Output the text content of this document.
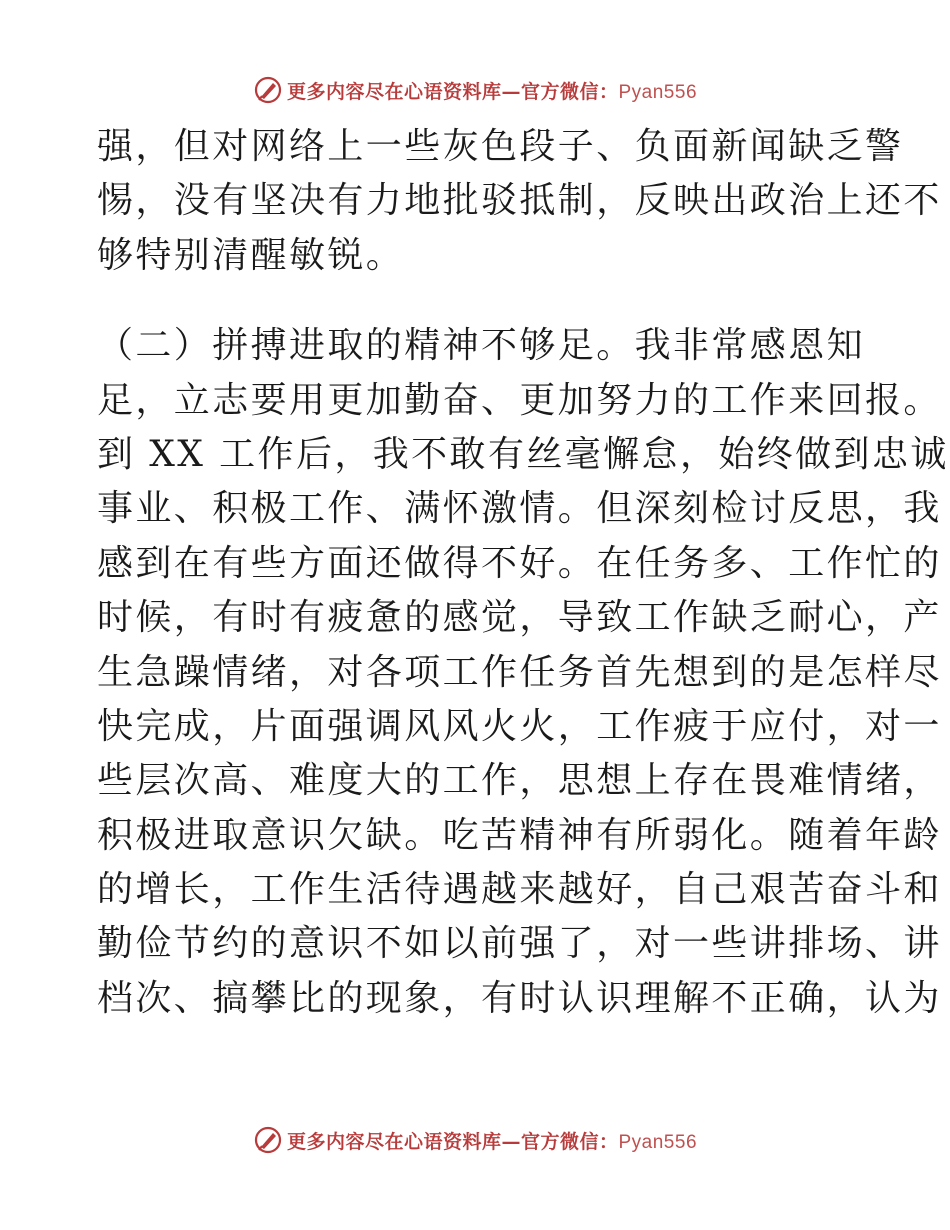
更多内容尽在心语资料库—官方微信：Pyan556
强，但对网络上一些灰色段子、负面新闻缺乏警
惕，没有坚决有力地批驳抵制，反映出政治上还不
够特别清醒敏锐。
（二）拼搏进取的精神不够足。我非常感恩知
足，立志要用更加勤奋、更加努力的工作来回报。
到 XX 工作后，我不敢有丝毫懈怠，始终做到忠诚
事业、积极工作、满怀激情。但深刻检讨反思，我
感到在有些方面还做得不好。在任务多、工作忙的
时候，有时有疲惫的感觉，导致工作缺乏耐心，产
生急躁情绪，对各项工作任务首先想到的是怎样尽
快完成，片面强调风风火火，工作疲于应付，对一
些层次高、难度大的工作，思想上存在畏难情绪，
积极进取意识欠缺。吃苦精神有所弱化。随着年龄
的增长，工作生活待遇越来越好，自己艰苦奋斗和
勤俭节约的意识不如以前强了，对一些讲排场、讲
档次、搞攀比的现象，有时认识理解不正确，认为
更多内容尽在心语资料库—官方微信：Pyan556
